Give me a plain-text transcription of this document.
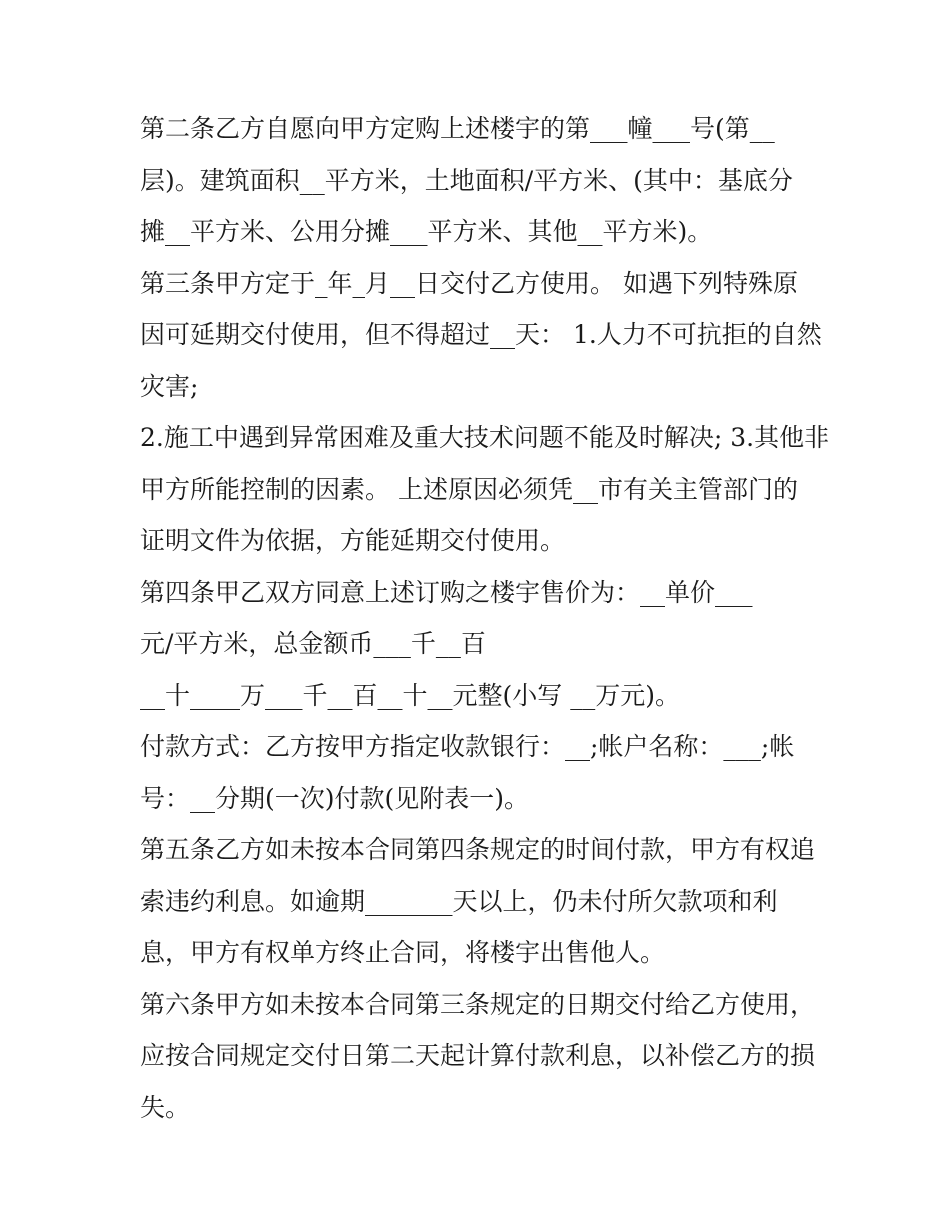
第二条乙方自愿向甲方定购上述楼宇的第___幢___号(第__
层)。建筑面积__平方米，土地面积/平方米、(其中：基底分
摊__平方米、公用分摊___平方米、其他__平方米)。
第三条甲方定于_年_月__日交付乙方使用。 如遇下列特殊原
因可延期交付使用，但不得超过__天： 1.人力不可抗拒的自然
灾害;
2.施工中遇到异常困难及重大技术问题不能及时解决; 3.其他非
甲方所能控制的因素。 上述原因必须凭__市有关主管部门的
证明文件为依据，方能延期交付使用。
第四条甲乙双方同意上述订购之楼宇售价为：__单价___
元/平方米，总金额币___千__百
__十____万___千__百__十__元整(小写 __万元)。
付款方式：乙方按甲方指定收款银行：__;帐户名称：___;帐
号：__分期(一次)付款(见附表一)。
第五条乙方如未按本合同第四条规定的时间付款，甲方有权追
索违约利息。如逾期_______天以上，仍未付所欠款项和利
息，甲方有权单方终止合同，将楼宇出售他人。
第六条甲方如未按本合同第三条规定的日期交付给乙方使用，
应按合同规定交付日第二天起计算付款利息，以补偿乙方的损
失。
